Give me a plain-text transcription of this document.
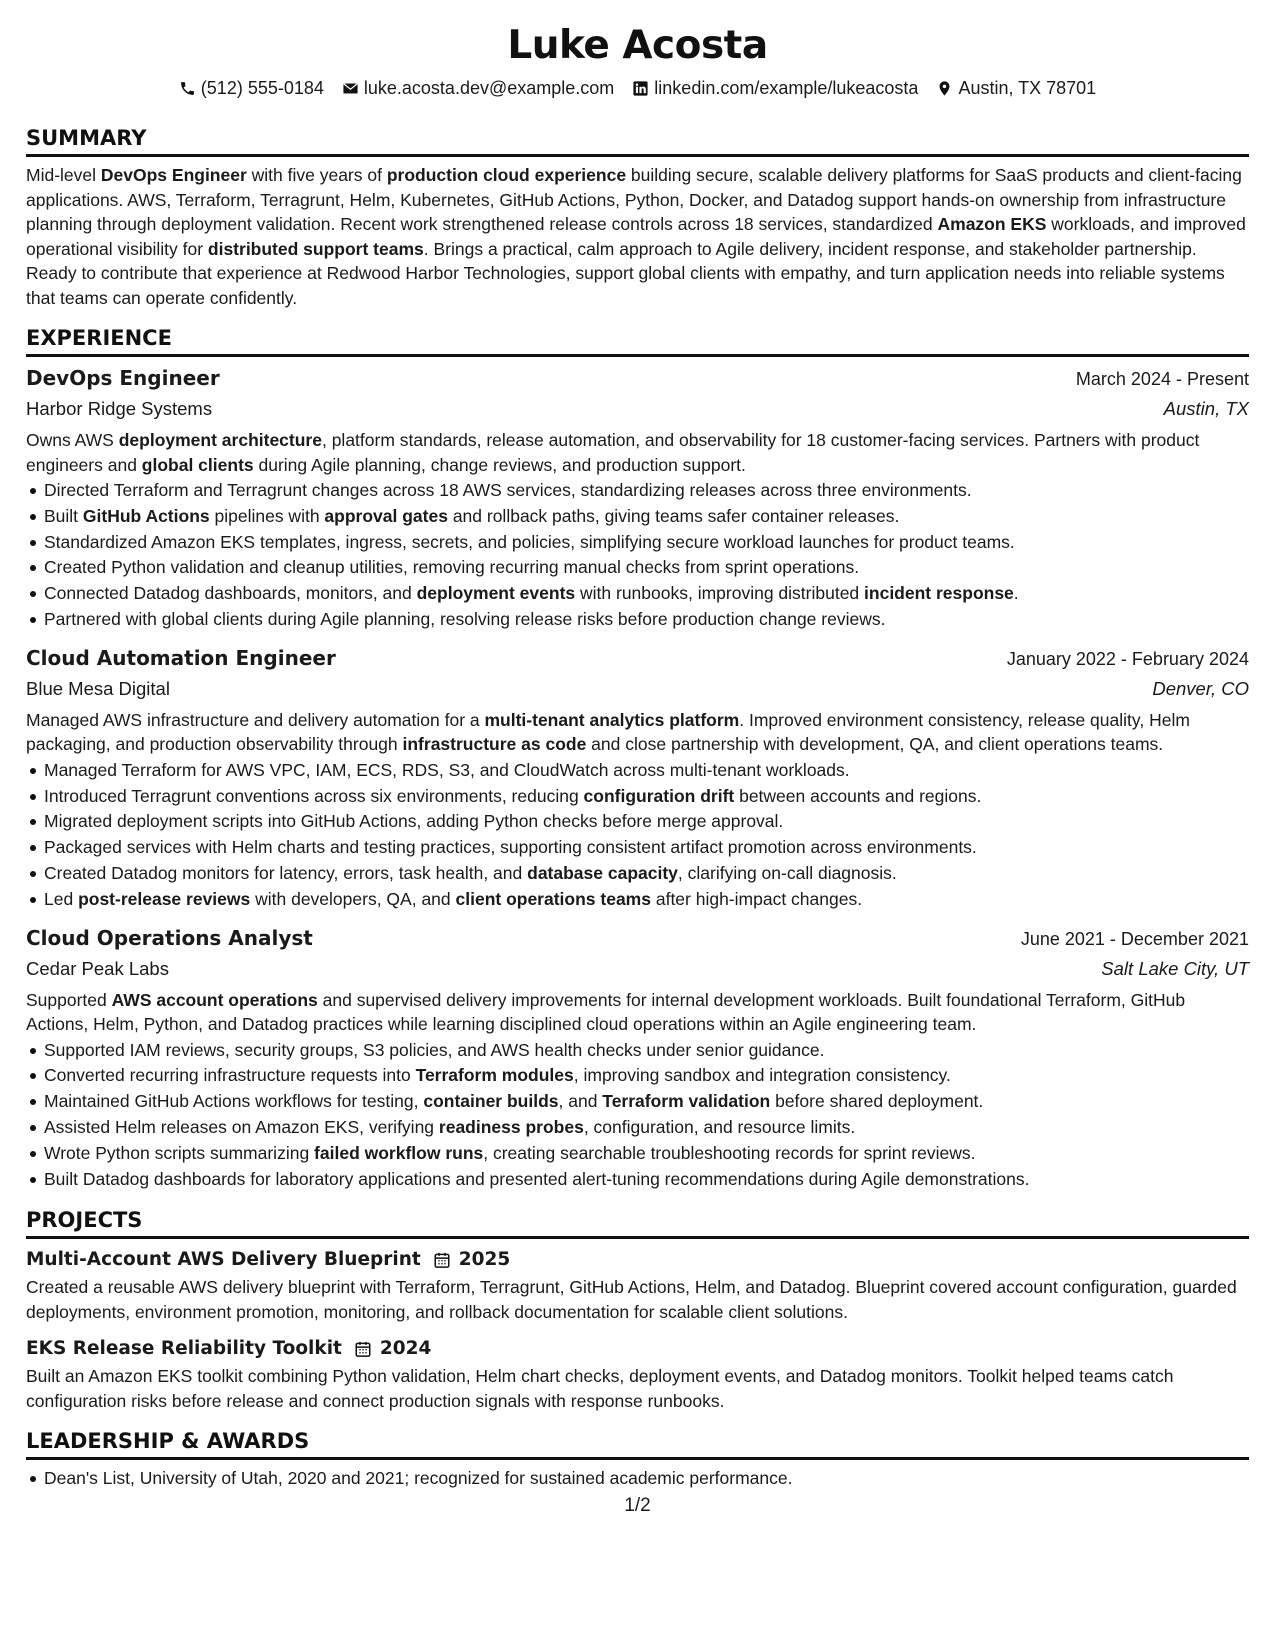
Luke Acosta
(512) 555-0184 luke.acosta.dev@example.com linkedin.com/example/lukeacosta Austin, TX 78701
SUMMARY

Mid-level DevOps Engineer with five years of production cloud experience building secure, scalable delivery platforms for SaaS products and client-facing applications. AWS, Terraform, Terragrunt, Helm, Kubernetes, GitHub Actions, Python, Docker, and Datadog support hands-on ownership from infrastructure planning through deployment validation. Recent work strengthened release controls across 18 services, standardized Amazon EKS workloads, and improved operational visibility for distributed support teams. Brings a practical, calm approach to Agile delivery, incident response, and stakeholder partnership. Ready to contribute that experience at Redwood Harbor Technologies, support global clients with empathy, and turn application needs into reliable systems that teams can operate confidently.

EXPERIENCE
DevOps Engineer	March 2024 - Present
Harbor Ridge Systems	Austin, TX

Owns AWS deployment architecture, platform standards, release automation, and observability for 18 customer-facing services. Partners with product engineers and global clients during Agile planning, change reviews, and production support.

Directed Terraform and Terragrunt changes across 18 AWS services, standardizing releases across three environments.
Built GitHub Actions pipelines with approval gates and rollback paths, giving teams safer container releases.
Standardized Amazon EKS templates, ingress, secrets, and policies, simplifying secure workload launches for product teams.
Created Python validation and cleanup utilities, removing recurring manual checks from sprint operations.
Connected Datadog dashboards, monitors, and deployment events with runbooks, improving distributed incident response.
Partnered with global clients during Agile planning, resolving release risks before production change reviews.
Cloud Automation Engineer	January 2022 - February 2024
Blue Mesa Digital	Denver, CO

Managed AWS infrastructure and delivery automation for a multi-tenant analytics platform. Improved environment consistency, release quality, Helm packaging, and production observability through infrastructure as code and close partnership with development, QA, and client operations teams.

Managed Terraform for AWS VPC, IAM, ECS, RDS, S3, and CloudWatch across multi-tenant workloads.
Introduced Terragrunt conventions across six environments, reducing configuration drift between accounts and regions.
Migrated deployment scripts into GitHub Actions, adding Python checks before merge approval.
Packaged services with Helm charts and testing practices, supporting consistent artifact promotion across environments.
Created Datadog monitors for latency, errors, task health, and database capacity, clarifying on-call diagnosis.
Led post-release reviews with developers, QA, and client operations teams after high-impact changes.
Cloud Operations Analyst	June 2021 - December 2021
Cedar Peak Labs	Salt Lake City, UT

Supported AWS account operations and supervised delivery improvements for internal development workloads. Built foundational Terraform, GitHub Actions, Helm, Python, and Datadog practices while learning disciplined cloud operations within an Agile engineering team.

Supported IAM reviews, security groups, S3 policies, and AWS health checks under senior guidance.
Converted recurring infrastructure requests into Terraform modules, improving sandbox and integration consistency.
Maintained GitHub Actions workflows for testing, container builds, and Terraform validation before shared deployment.
Assisted Helm releases on Amazon EKS, verifying readiness probes, configuration, and resource limits.
Wrote Python scripts summarizing failed workflow runs, creating searchable troubleshooting records for sprint reviews.
Built Datadog dashboards for laboratory applications and presented alert-tuning recommendations during Agile demonstrations.
PROJECTS
Multi-Account AWS Delivery Blueprint 2025

Created a reusable AWS delivery blueprint with Terraform, Terragrunt, GitHub Actions, Helm, and Datadog. Blueprint covered account configuration, guarded deployments, environment promotion, monitoring, and rollback documentation for scalable client solutions.

EKS Release Reliability Toolkit 2024

Built an Amazon EKS toolkit combining Python validation, Helm chart checks, deployment events, and Datadog monitors. Toolkit helped teams catch configuration risks before release and connect production signals with response runbooks.

LEADERSHIP & AWARDS
Dean's List, University of Utah, 2020 and 2021; recognized for sustained academic performance.
1/2
